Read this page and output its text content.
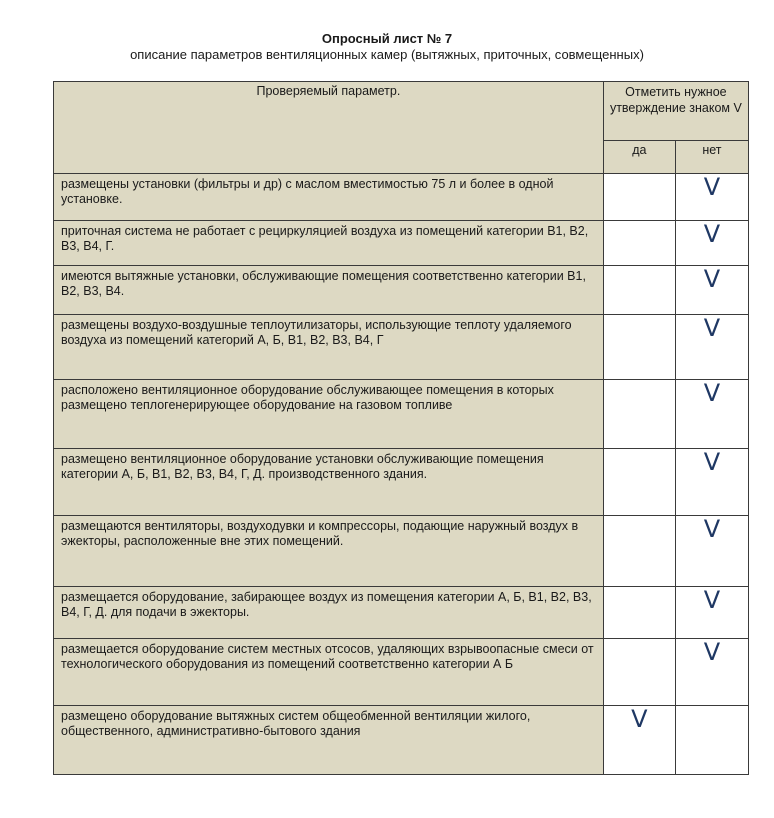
Опросный лист № 7
описание параметров вентиляционных камер (вытяжных, приточных, совмещенных)
Проверяемый параметр.	Отметить нужное утверждение знаком V	
	да	нет
размещены установки (фильтры и др) с маслом вместимостью 75 л и более в одной установке.		V
приточная система не работает с рециркуляцией воздуха из помещений категории В1, В2, В3, В4, Г.		V
имеются вытяжные установки, обслуживающие помещения соответственно категории В1, В2, В3, В4.		V
размещены воздухо-воздушные теплоутилизаторы, использующие теплоту удаляемого воздуха из помещений категорий А, Б, В1, В2, В3, В4, Г		V
расположено вентиляционное оборудование обслуживающее помещения в которых размещено теплогенерирующее оборудование на газовом топливе		V
размещено вентиляционное оборудование установки обслуживающие помещения категории А, Б, В1, В2, В3, В4, Г, Д. производственного здания.		V
размещаются вентиляторы, воздуходувки и компрессоры, подающие наружный воздух в эжекторы, расположенные вне этих помещений.		V
размещается оборудование, забирающее воздух из помещения категории А, Б, В1, В2, В3, В4, Г, Д. для подачи в эжекторы.		V
размещается оборудование систем местных отсосов, удаляющих взрывоопасные смеси от технологического оборудования из помещений соответственно категории А Б		V
размещено оборудование вытяжных систем общеобменной вентиляции жилого, общественного, административно-бытового здания	V	
